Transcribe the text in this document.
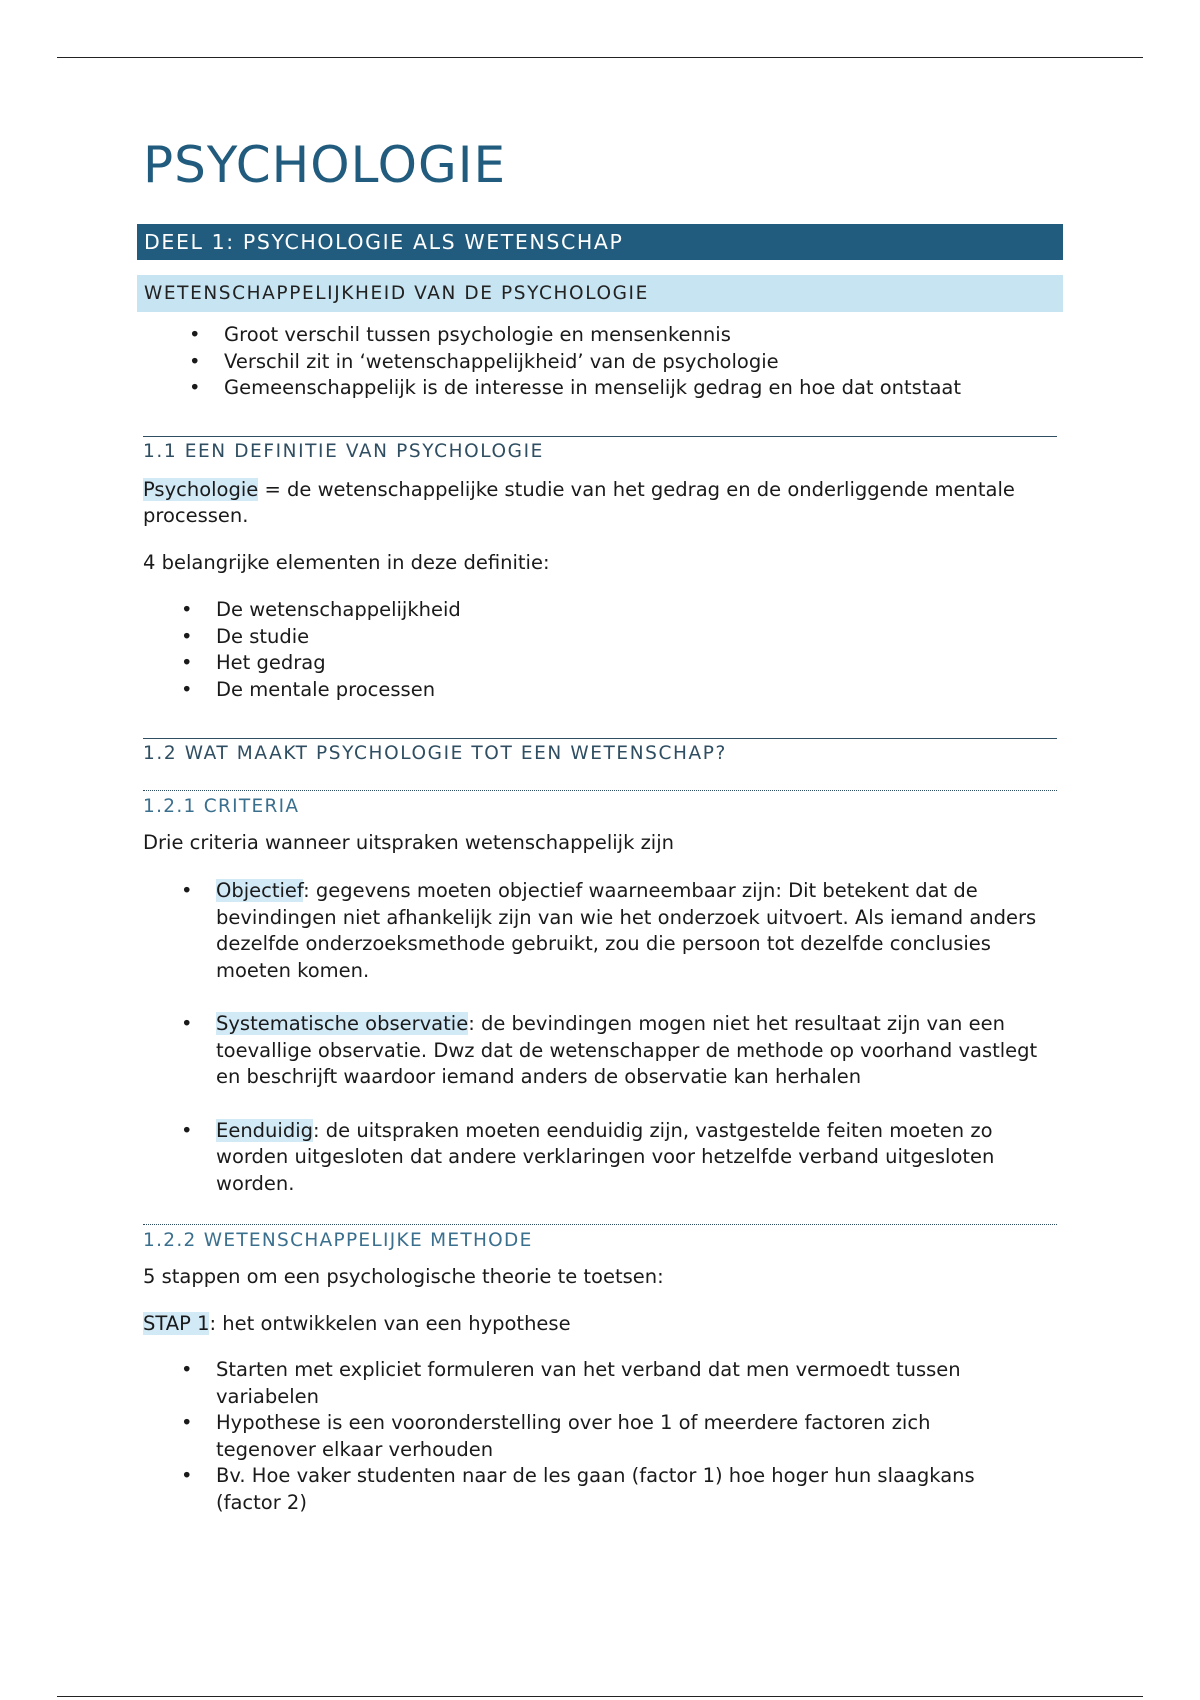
PSYCHOLOGIE
DEEL 1: PSYCHOLOGIE ALS WETENSCHAP
WETENSCHAPPELIJKHEID VAN DE PSYCHOLOGIE
• Groot verschil tussen psychologie en mensenkennis
• Verschil zit in ‘wetenschappelijkheid’ van de psychologie
• Gemeenschappelijk is de interesse in menselijk gedrag en hoe dat ontstaat
1.1 EEN DEFINITIE VAN PSYCHOLOGIE

Psychologie = de wetenschappelijke studie van het gedrag en de onderliggende mentale processen.

4 belangrijke elementen in deze definitie:

• De wetenschappelijkheid
• De studie
• Het gedrag
• De mentale processen
1.2 WAT MAAKT PSYCHOLOGIE TOT EEN WETENSCHAP?
1.2.1 CRITERIA

Drie criteria wanneer uitspraken wetenschappelijk zijn

• Objectief: gegevens moeten objectief waarneembaar zijn: Dit betekent dat de bevindingen niet afhankelijk zijn van wie het onderzoek uitvoert. Als iemand anders dezelfde onderzoeksmethode gebruikt, zou die persoon tot dezelfde conclusies moeten komen.
• Systematische observatie: de bevindingen mogen niet het resultaat zijn van een toevallige observatie. Dwz dat de wetenschapper de methode op voorhand vastlegt en beschrijft waardoor iemand anders de observatie kan herhalen
• Eenduidig: de uitspraken moeten eenduidig zijn, vastgestelde feiten moeten zo worden uitgesloten dat andere verklaringen voor hetzelfde verband uitgesloten worden.
1.2.2 WETENSCHAPPELIJKE METHODE

5 stappen om een psychologische theorie te toetsen:

STAP 1: het ontwikkelen van een hypothese

• Starten met expliciet formuleren van het verband dat men vermoedt tussen variabelen
• Hypothese is een vooronderstelling over hoe 1 of meerdere factoren zich tegenover elkaar verhouden
• Bv. Hoe vaker studenten naar de les gaan (factor 1) hoe hoger hun slaagkans (factor 2)
